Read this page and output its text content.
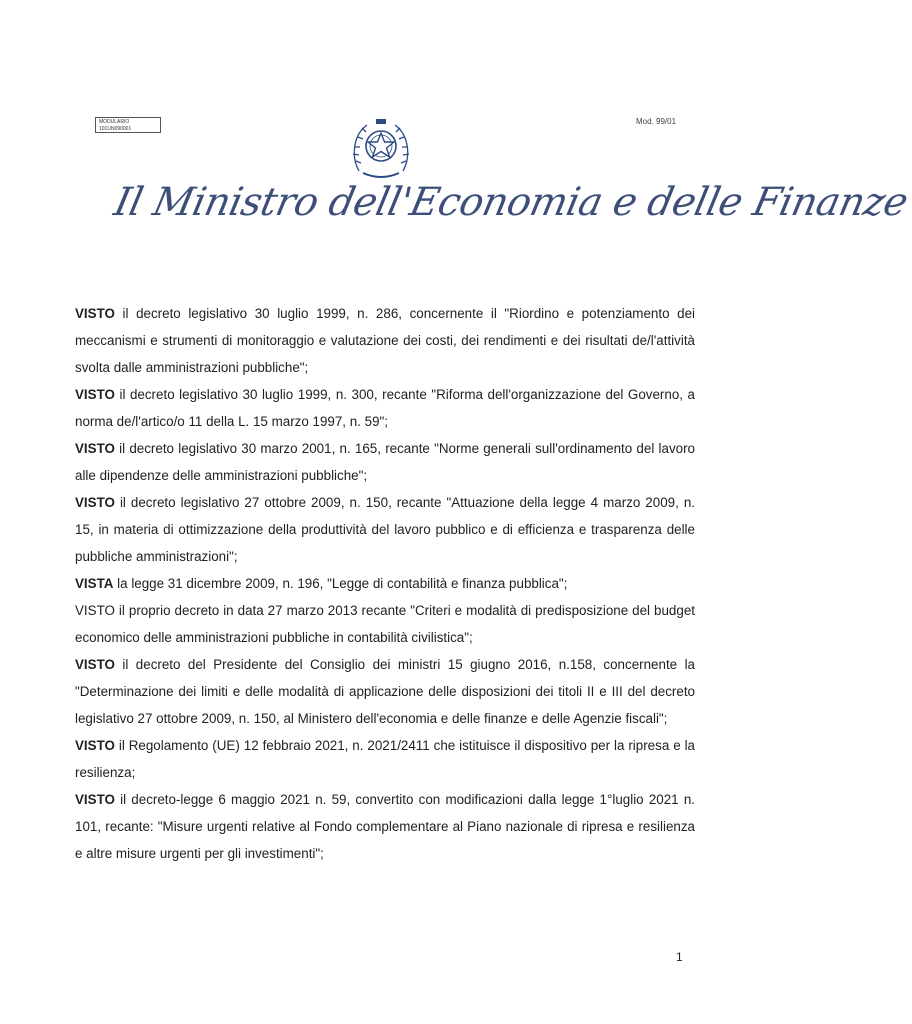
MODULARIO
101UN090001
Mod. 99/01
Il Ministro dell'Economia e delle Finanze

VISTO il decreto legislativo 30 luglio 1999, n. 286, concernente il "Riordino e potenziamento dei meccanismi e strumenti di monitoraggio e valutazione dei costi, dei rendimenti e dei risultati de/l'attività svolta dalle amministrazioni pubbliche";

VISTO il decreto legislativo 30 luglio 1999, n. 300, recante "Riforma dell'organizzazione del Governo, a norma de/l'artico/o 11 della L. 15 marzo 1997, n. 59";

VISTO il decreto legislativo 30 marzo 2001, n. 165, recante "Norme generali sull'ordinamento del lavoro alle dipendenze delle amministrazioni pubbliche";

VISTO il decreto legislativo 27 ottobre 2009, n. 150, recante "Attuazione della legge 4 marzo 2009, n. 15, in materia di ottimizzazione della produttività del lavoro pubblico e di efficienza e trasparenza delle pubbliche amministrazioni";

VISTA la legge 31 dicembre 2009, n. 196, "Legge di contabilità e finanza pubblica";

VISTO il proprio decreto in data 27 marzo 2013 recante "Criteri e modalità di predisposizione del budget economico delle amministrazioni pubbliche in contabilità civilistica";

VISTO il decreto del Presidente del Consiglio dei ministri 15 giugno 2016, n.158, concernente la "Determinazione dei limiti e delle modalità di applicazione delle disposizioni dei titoli II e III del decreto legislativo 27 ottobre 2009, n. 150, al Ministero dell'economia e delle finanze e delle Agenzie fiscali";

VISTO il Regolamento (UE) 12 febbraio 2021, n. 2021/2411 che istituisce il dispositivo per la ripresa e la resilienza;

VISTO il decreto-legge 6 maggio 2021 n. 59, convertito con modificazioni dalla legge 1°luglio 2021 n. 101, recante: "Misure urgenti relative al Fondo complementare al Piano nazionale di ripresa e resilienza e altre misure urgenti per gli investimenti";

1
